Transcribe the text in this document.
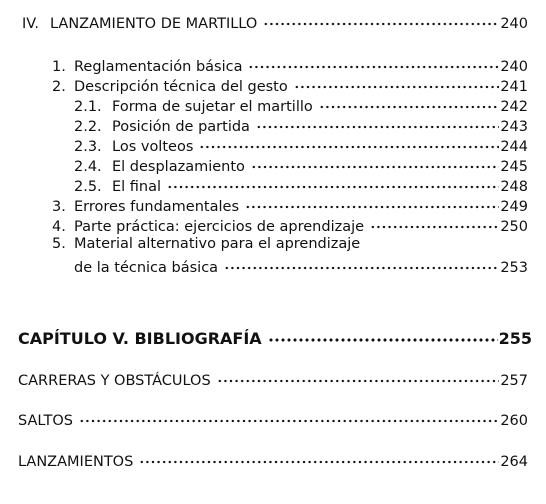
IV. LANZAMIENTO DE MARTILLO	240
1. Reglamentación básica	240
2. Descripción técnica del gesto	241
2.1. Forma de sujetar el martillo	242
2.2. Posición de partida	243
2.3. Los volteos	244
2.4. El desplazamiento	245
2.5. El final	248
3. Errores fundamentales	249
4. Parte práctica: ejercicios de aprendizaje	250
5. Material alternativo para el aprendizaje
de la técnica básica	253
CAPÍTULO V. BIBLIOGRAFÍA	255
CARRERAS Y OBSTÁCULOS	257
SALTOS	260
LANZAMIENTOS	264
